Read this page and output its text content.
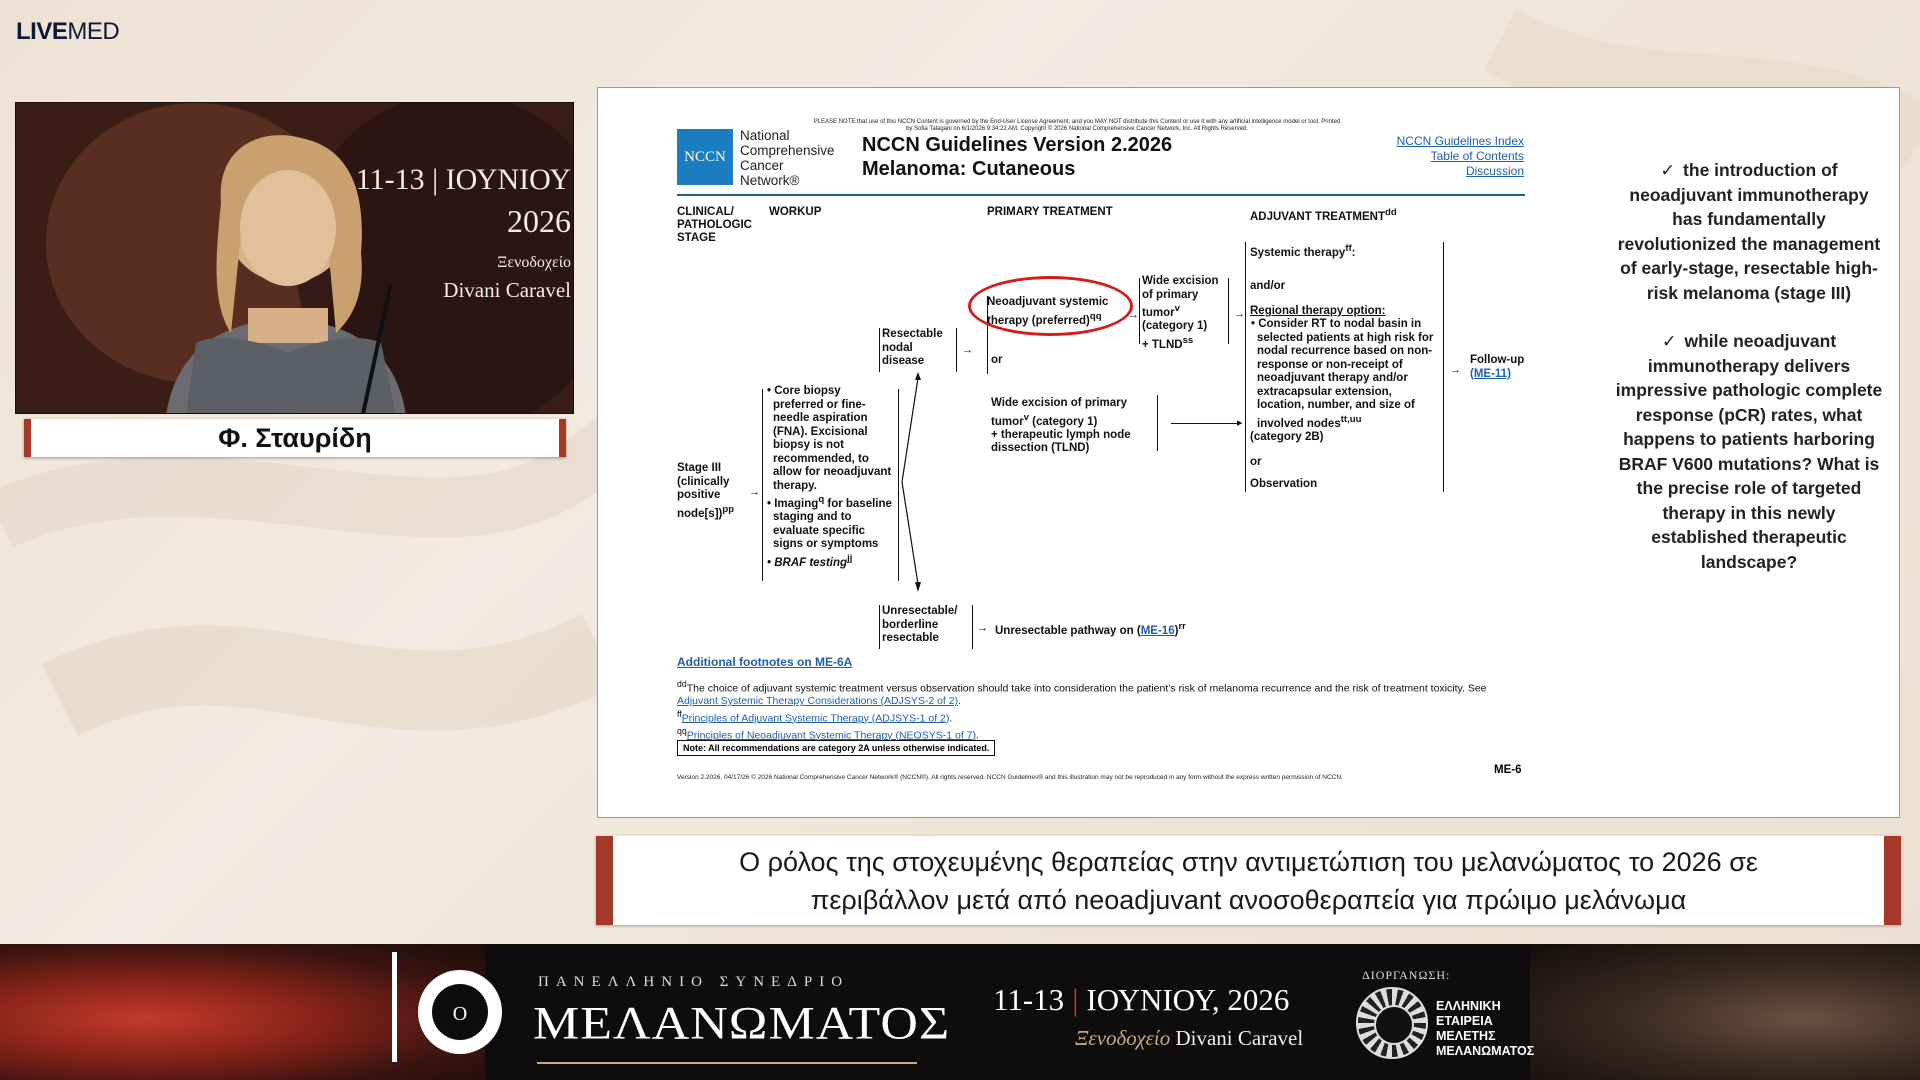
LIVEMED
11-13 | ΙΟΥΝΙΟΥ
2026
Ξενοδοχείο
Divani Caravel
Φ. Σταυρίδη
PLEASE NOTE that use of this NCCN Content is governed by the End-User License Agreement, and you MAY NOT distribute this Content or use it with any artificial intelligence model or tool. Printed by Sofia Talagani on 6/1/2026 9:34:22 AM. Copyright © 2026 National Comprehensive Cancer Network, Inc. All Rights Reserved.
NCCN
National
Comprehensive
Cancer
Network®
NCCN Guidelines Version 2.2026
Melanoma: Cutaneous
NCCN Guidelines Index
Table of Contents
Discussion
CLINICAL/
PATHOLOGIC
STAGE
WORKUP	PRIMARY TREATMENT	ADJUVANT $TREATMENT^{dd}$
Stage III
(clinically
positive
node[s])$^{pp}$
→
• Core biopsy preferred or fine-needle aspiration (FNA). Excisional biopsy is not recommended, to allow for neoadjuvant therapy.
• Imaging$^q$ for baseline staging and to evaluate specific signs or symptoms
• BRAF testing$^{jj}$
Resectable
nodal
disease
→
Unresectable/
borderline
resectable
→ Unresectable pathway on $(ME-16)^{rr}$
Neoadjuvant systemic therapy (preferred)$^{qq}$	→
Wide excision
of primary
tumor$^v$
(category 1)
+ $TLND^{ss}$
→
or
Wide excision of primary
tumor$^v$ (category 1)
+ therapeutic lymph node
dissection (TLND)
▸
Systemic therapy$^{ff}$:
and/or
Regional therapy option:
• Consider RT to nodal basin in selected patients at high risk for nodal recurrence based on non-response or non-receipt of neoadjuvant therapy and/or extracapsular extension, location, number, and size of involved nodes$^{tt,uu}$
(category 2B)
or
Observation
→
Follow-up
(ME-11)
Additional footnotes on ME-6A
$^{dd}$The choice of adjuvant systemic treatment versus observation should take into consideration the patient’s risk of melanoma recurrence and the risk of treatment toxicity. See Adjuvant Systemic Therapy Considerations (ADJSYS-2 of 2).
$^{ff}$Principles of Adjuvant Systemic Therapy (ADJSYS-1 of 2).
$^{qq}$Principles of Neoadjuvant Systemic Therapy (NEOSYS-1 of 7).
Note: All recommendations are category 2A unless otherwise indicated.
Version 2.2026, 04/17/26 © 2026 National Comprehensive Cancer Network® (NCCN®). All rights reserved. NCCN Guidelines® and this illustration may not be reproduced in any form without the express written permission of NCCN.
ME-6
✓ the introduction of neoadjuvant immunotherapy has fundamentally revolutionized the management of early-stage, resectable high-risk melanoma (stage III)
✓ while neoadjuvant immunotherapy delivers impressive pathologic complete response (pCR) rates, what happens to patients harboring BRAF V600 mutations? What is the precise role of targeted therapy in this newly established therapeutic landscape?
Ο ρόλος της στοχευμένης θεραπείας στην αντιμετώπιση του μελανώματος το 2026 σε
περιβάλλον μετά από neoadjuvant ανοσοθεραπεία για πρώιμο μελάνωμα
Ο
ΠΑΝΕΛΛΗΝΙΟ ΣΥΝΕΔΡΙΟ
ΜΕΛΑΝΩΜΑΤΟΣ 11-13 | ΙΟΥΝΙΟΥ, 2026
Ξενοδοχείο Divani Caravel
ΔΙΟΡΓΑΝΩΣΗ:
ΕΛΛΗΝΙΚΗ
ΕΤΑΙΡΕΙΑ
ΜΕΛΕΤΗΣ
ΜΕΛΑΝΩΜΑΤΟΣ
